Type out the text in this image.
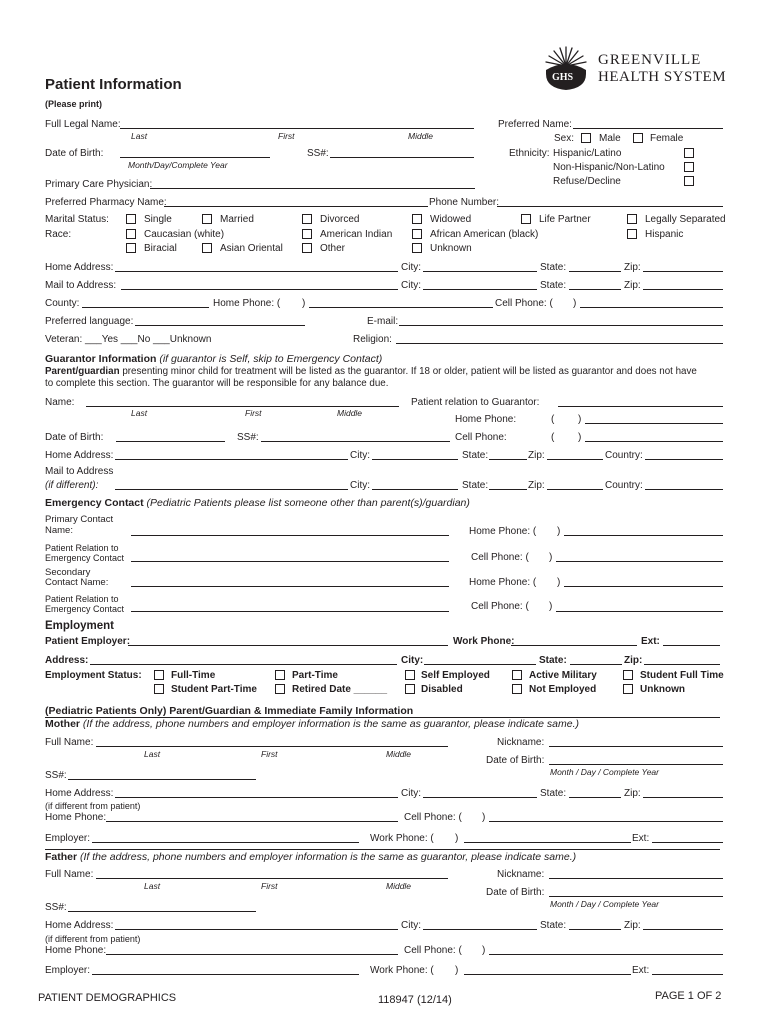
GHS
GREENVILLE
HEALTH SYSTEM
Patient Information
(Please print)
Full Legal Name:
Last	First	Middle
Preferred Name:
Sex: Male	Female
Date of Birth:
Month/Day/Complete Year
SS#:	Ethnicity: Hispanic/Latino
Non-Hispanic/Non-Latino
Refuse/Decline
Primary Care Physician:
Preferred Pharmacy Name:	Phone Number:
Marital Status:	Single	Married	Divorced	Widowed	Life Partner	Legally Separated
Race:	Caucasian (white)	American Indian	African American (black)	Hispanic
Biracial	Asian Oriental	Other	Unknown
Home Address:	City:	State:	Zip:
Mail to Address:	City:	State:	Zip:
County:	Home Phone: ( )	Cell Phone: ( )
Preferred language:	E-mail:
Veteran: ___Yes ___No ___Unknown	Religion:
Guarantor Information (if guarantor is Self, skip to Emergency Contact)
Parent/guardian presenting minor child for treatment will be listed as the guarantor. If 18 or older, patient will be listed as guarantor and does not have
to complete this section. The guarantor will be responsible for any balance due.
Name:
Last	First	Middle
Patient relation to Guarantor:
Home Phone:	( )
Date of Birth:	SS#:	Cell Phone:	( )
Home Address:	City:	State:	Zip:	Country:
Mail to Address
(if different):	City:	State:	Zip:	Country:
Emergency Contact (Pediatric Patients please list someone other than parent(s)/guardian)
Primary Contact
Name:	Home Phone: ( )
Patient Relation to
Emergency Contact	Cell Phone: ( )
Secondary
Contact Name:	Home Phone: ( )
Patient Relation to
Emergency Contact	Cell Phone: ( )
Employment
Patient Employer:	Work Phone:	Ext:
Address:	City:	State:	Zip:
Employment Status:	Full-Time	Part-Time	Self Employed	Active Military	Student Full Time
Student Part-Time	Retired Date ______	Disabled	Not Employed	Unknown
(Pediatric Patients Only) Parent/Guardian & Immediate Family Information
Mother (If the address, phone numbers and employer information is the same as guarantor, please indicate same.)
Full Name:
Last	First	Middle
Nickname:
Date of Birth:
Month / Day / Complete Year
SS#:
Home Address:	City:	State:	Zip:
(if different from patient)
Home Phone:	Cell Phone: ( )
Employer:	Work Phone: ( )	Ext:
Father (If the address, phone numbers and employer information is the same as guarantor, please indicate same.)
Full Name:
Last	First	Middle
Nickname:
Date of Birth:
Month / Day / Complete Year
SS#:
Home Address:	City:	State:	Zip:
(if different from patient)
Home Phone:	Cell Phone: ( )
Employer:	Work Phone: ( )	Ext:
PATIENT DEMOGRAPHICS	118947 (12/14)	PAGE 1 OF 2
